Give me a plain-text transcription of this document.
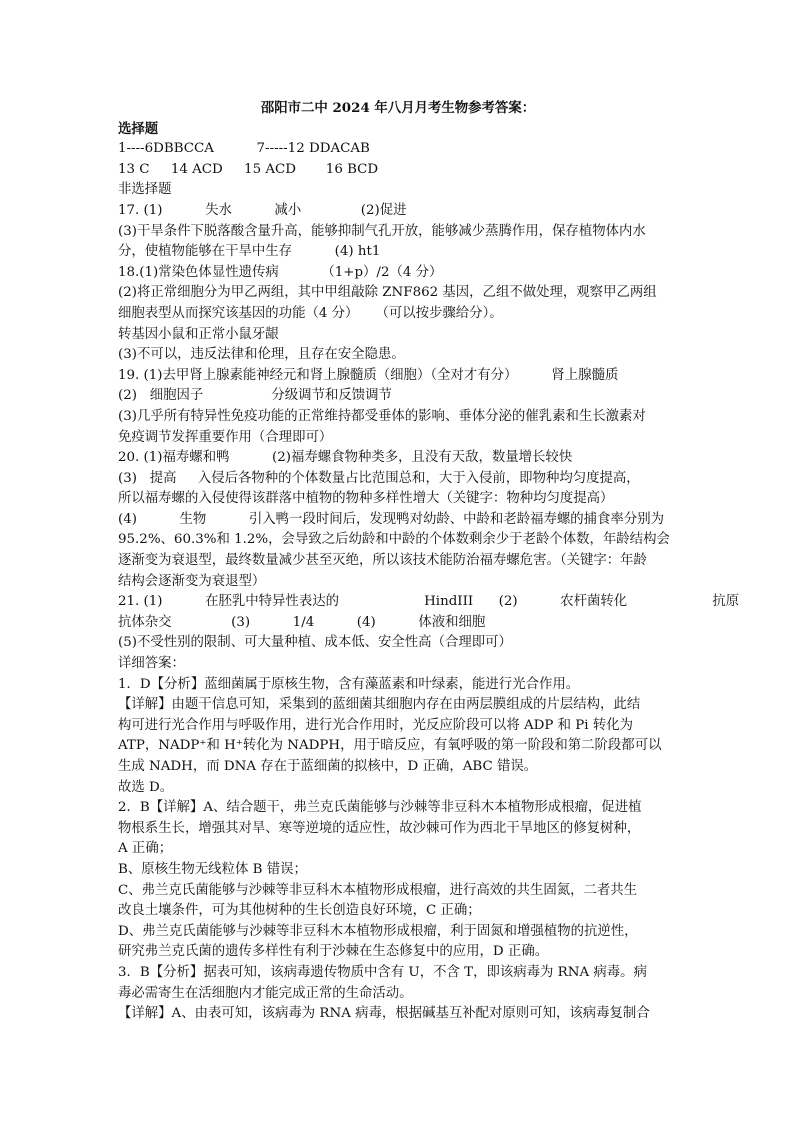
邵阳市二中 2024 年八月月考生物参考答案：
选择题
1----6DBBCCA          7-----12 DDACAB
13 C     14 ACD     15 ACD       16 BCD
非选择题
17. (1)          失水          减小              (2)促进
(3)干旱条件下脱落酸含量升高，能够抑制气孔开放，能够减少蒸腾作用，保存植物体内水
分，使植物能够在干旱中生存          (4) ht1
18.(1)常染色体显性遗传病          （1+p）/2（4 分）
(2)将正常细胞分为甲乙两组，其中甲组敲除 ZNF862 基因，乙组不做处理，观察甲乙两组
细胞表型从而探究该基因的功能（4 分）    （可以按步骤给分）。
转基因小鼠和正常小鼠牙龈
(3)不可以，违反法律和伦理，且存在安全隐患。
19. (1)去甲肾上腺素能神经元和肾上腺髓质（细胞）（全对才有分）        肾上腺髓质
(2)   细胞因子                分级调节和反馈调节
(3)几乎所有特异性免疫功能的正常维持都受垂体的影响、垂体分泌的催乳素和生长激素对
免疫调节发挥重要作用（合理即可）
20. (1)福寿螺和鸭          (2)福寿螺食物种类多，且没有天敌，数量增长较快
(3)   提高     入侵后各物种的个体数量占比范围总和，大于入侵前，即物种均匀度提高，
所以福寿螺的入侵使得该群落中植物的物种多样性增大（关键字：物种均匀度提高）
(4)          生物          引入鸭一段时间后，发现鸭对幼龄、中龄和老龄福寿螺的捕食率分别为
95.2%、60.3%和 1.2%，会导致之后幼龄和中龄的个体数剩余少于老龄个体数，年龄结构会
逐渐变为衰退型，最终数量减少甚至灭绝，所以该技术能防治福寿螺危害。（关键字：年龄
结构会逐渐变为衰退型）
21. (1)          在胚乳中特异性表达的                    HindIII      (2)          农杆菌转化                    抗原
抗体杂交              (3)          1/4          (4)          体液和细胞
(5)不受性别的限制、可大量种植、成本低、安全性高（合理即可）
详细答案：
1．D【分析】蓝细菌属于原核生物，含有藻蓝素和叶绿素，能进行光合作用。
【详解】由题干信息可知，采集到的蓝细菌其细胞内存在由两层膜组成的片层结构，此结
构可进行光合作用与呼吸作用，进行光合作用时，光反应阶段可以将 ADP 和 Pi 转化为
ATP，NADP⁺和 H⁺转化为 NADPH，用于暗反应，有氧呼吸的第一阶段和第二阶段都可以
生成 NADH，而 DNA 存在于蓝细菌的拟核中，D 正确，ABC 错误。
故选 D。
2．B【详解】A、结合题干，弗兰克氏菌能够与沙棘等非豆科木本植物形成根瘤，促进植
物根系生长，增强其对旱、寒等逆境的适应性，故沙棘可作为西北干旱地区的修复树种，
A 正确；
B、原核生物无线粒体 B 错误；
C、弗兰克氏菌能够与沙棘等非豆科木本植物形成根瘤，进行高效的共生固氮，二者共生
改良土壤条件，可为其他树种的生长创造良好环境，C 正确；
D、弗兰克氏菌能够与沙棘等非豆科木本植物形成根瘤，利于固氮和增强植物的抗逆性，
研究弗兰克氏菌的遗传多样性有利于沙棘在生态修复中的应用，D 正确。
3．B【分析】据表可知，该病毒遗传物质中含有 U，不含 T，即该病毒为 RNA 病毒。病
毒必需寄生在活细胞内才能完成正常的生命活动。
【详解】A、由表可知，该病毒为 RNA 病毒，根据碱基互补配对原则可知，该病毒复制合
